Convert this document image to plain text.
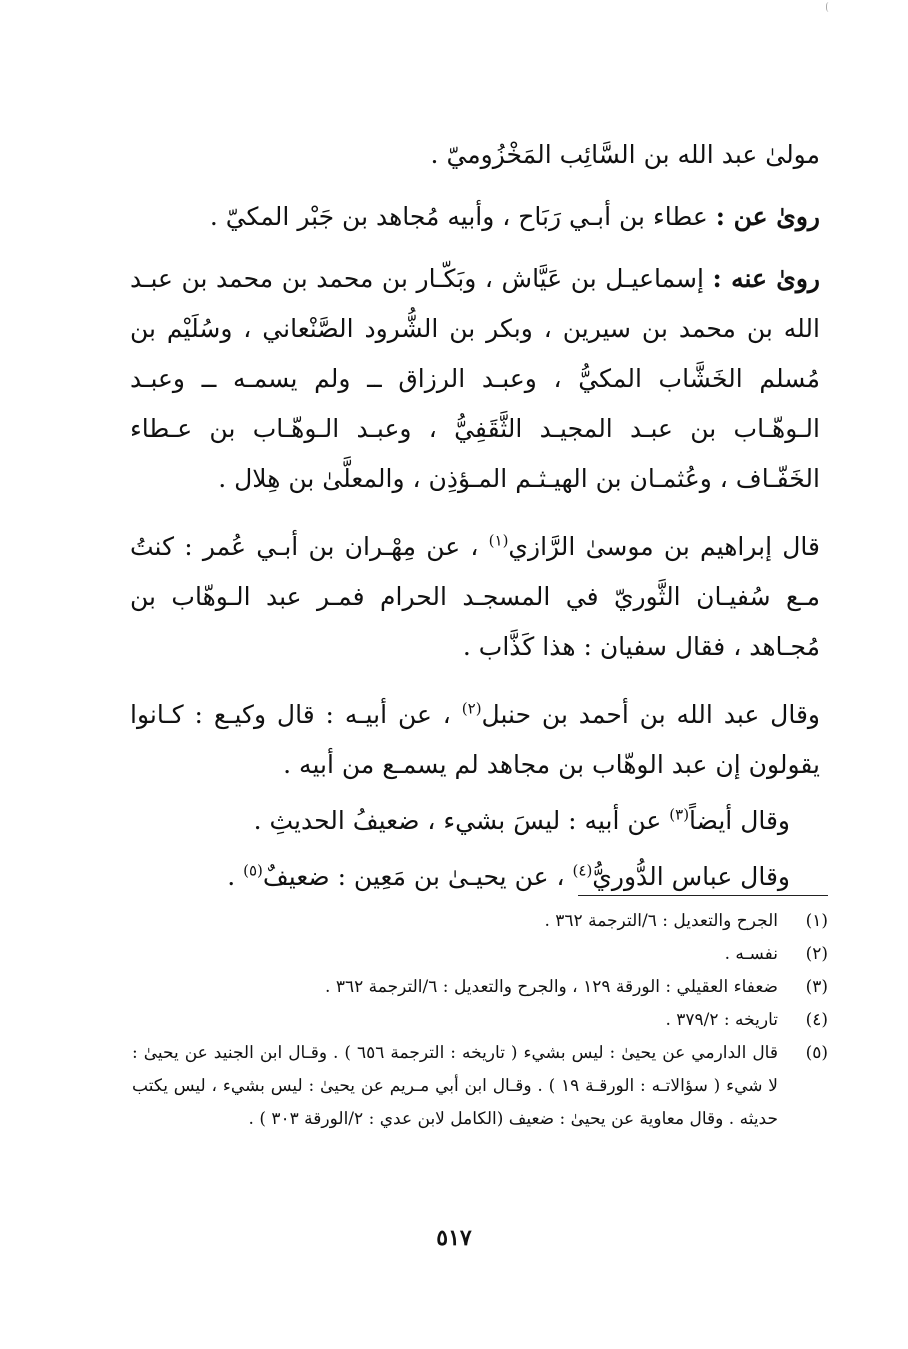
مولىٰ عبد الله بن السَّائِب المَخْزُوميّ .

روىٰ عن : عطاء بن أبـي رَبَاح ، وأبيه مُجاهد بن جَبْر المكيّ .

روىٰ عنه : إسماعيـل بن عَيَّاش ، وبَكّـار بن محمد بن محمد بن عبـد الله بن محمد بن سيرين ، وبكر بن الشُّرود الصَّنْعاني ، وسُلَيْم بن مُسلم الخَشَّاب المكيُّ ، وعبـد الرزاق ــ ولم يسمـه ــ وعبـد الـوهّـاب بن عبـد المجيـد الثَّقَفِيُّ ، وعبـد الـوهّـاب بن عـطاء الخَفّـاف ، وعُثمـان بن الهيـثـم المـؤذِن ، والمعلَّىٰ بن هِلال .

قال إبراهيم بن موسىٰ الرَّازي$^{(١)}$ ، عن مِهْـران بن أبـي عُمر : كنتُ مـع سُفيـان الثَّوريّ في المسجـد الحرام فمـر عبد الـوهّاب بن مُجـاهد ، فقال سفيان : هذا كَذَّاب .

وقال عبد الله بن أحمد بن حنبل$^{(٢)}$ ، عن أبيـه : قال وكيـع : كـانوا يقولون إن عبد الوهّاب بن مجاهد لم يسمـع من أبيه .

وقال أيضاً$^{(٣)}$ عن أبيه : ليسَ بشيء ، ضعيفُ الحديثِ .

وقال عباس الدُّوريُّ$^{(٤)}$ ، عن يحيـىٰ بن مَعِين : ضعيفٌ$^{(٥)}$ .

(١)
الجرح والتعديل : ٦/الترجمة ٣٦٢ .
(٢)
نفسـه .
(٣)
ضعفاء العقيلي : الورقة ١٢٩ ، والجرح والتعديل : ٦/الترجمة ٣٦٢ .
(٤)
تاريخه : ٣٧٩/٢ .
(٥)
قال الدارمي عن يحيىٰ : ليس بشيء ( تاريخه : الترجمة ٦٥٦ ) . وقـال ابن الجنيد عن يحيىٰ : لا شيء ( سؤالاتـه : الورقـة ١٩ ) . وقـال ابن أبي مـريم عن يحيىٰ : ليس بشيء ، ليس يكتب حديثه . وقال معاوية عن يحيىٰ : ضعيف (الكامل لابن عدي : ٢/الورقة ٣٠٣ ) .
٥١٧
